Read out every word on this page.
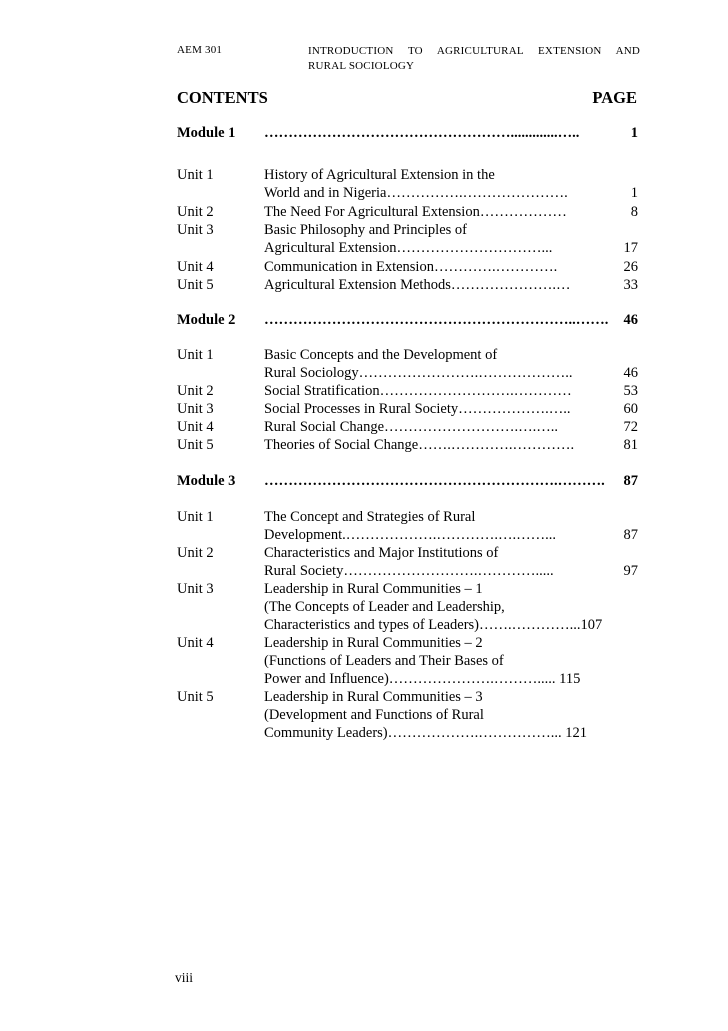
AEM 301	INTRODUCTION TO AGRICULTURAL EXTENSION AND
RURAL SOCIOLOGY
CONTENTS	PAGE
Module 1 …………………………………………….............…..	1
Unit 1	History of Agricultural Extension in the
World and in Nigeria…………….………………….	1
Unit 2	The Need For Agricultural Extension………………	8
Unit 3	Basic Philosophy and Principles of
Agricultural Extension…………………………...	17
Unit 4	Communication in Extension………….………….	26
Unit 5	Agricultural Extension Methods………………….…	33
Module 2 ………………………………………………………..……. 46
Unit 1	Basic Concepts and the Development of
Rural Sociology…………………….………………..	46
Unit 2	Social Stratification……………………….…………	53
Unit 3	Social Processes in Rural Society……………….…..	60
Unit 4	Rural Social Change……………………….….…..	72
Unit 5	Theories of Social Change…….………….………….	81
Module 3 …………………………………………………….………. 87
Unit 1	The Concept and Strategies of Rural
Development.……………….………….….……...	87
Unit 2	Characteristics and Major Institutions of
Rural Society……………………….………….....	97
Unit 3	Leadership in Rural Communities – 1
(The Concepts of Leader and Leadership,
Characteristics and types of Leaders)…….…………...107
Unit 4	Leadership in Rural Communities – 2
(Functions of Leaders and Their Bases of
Power and Influence)………………….………..... 115
Unit 5	Leadership in Rural Communities – 3
(Development and Functions of Rural
Community Leaders)……………….……………... 121
viii
